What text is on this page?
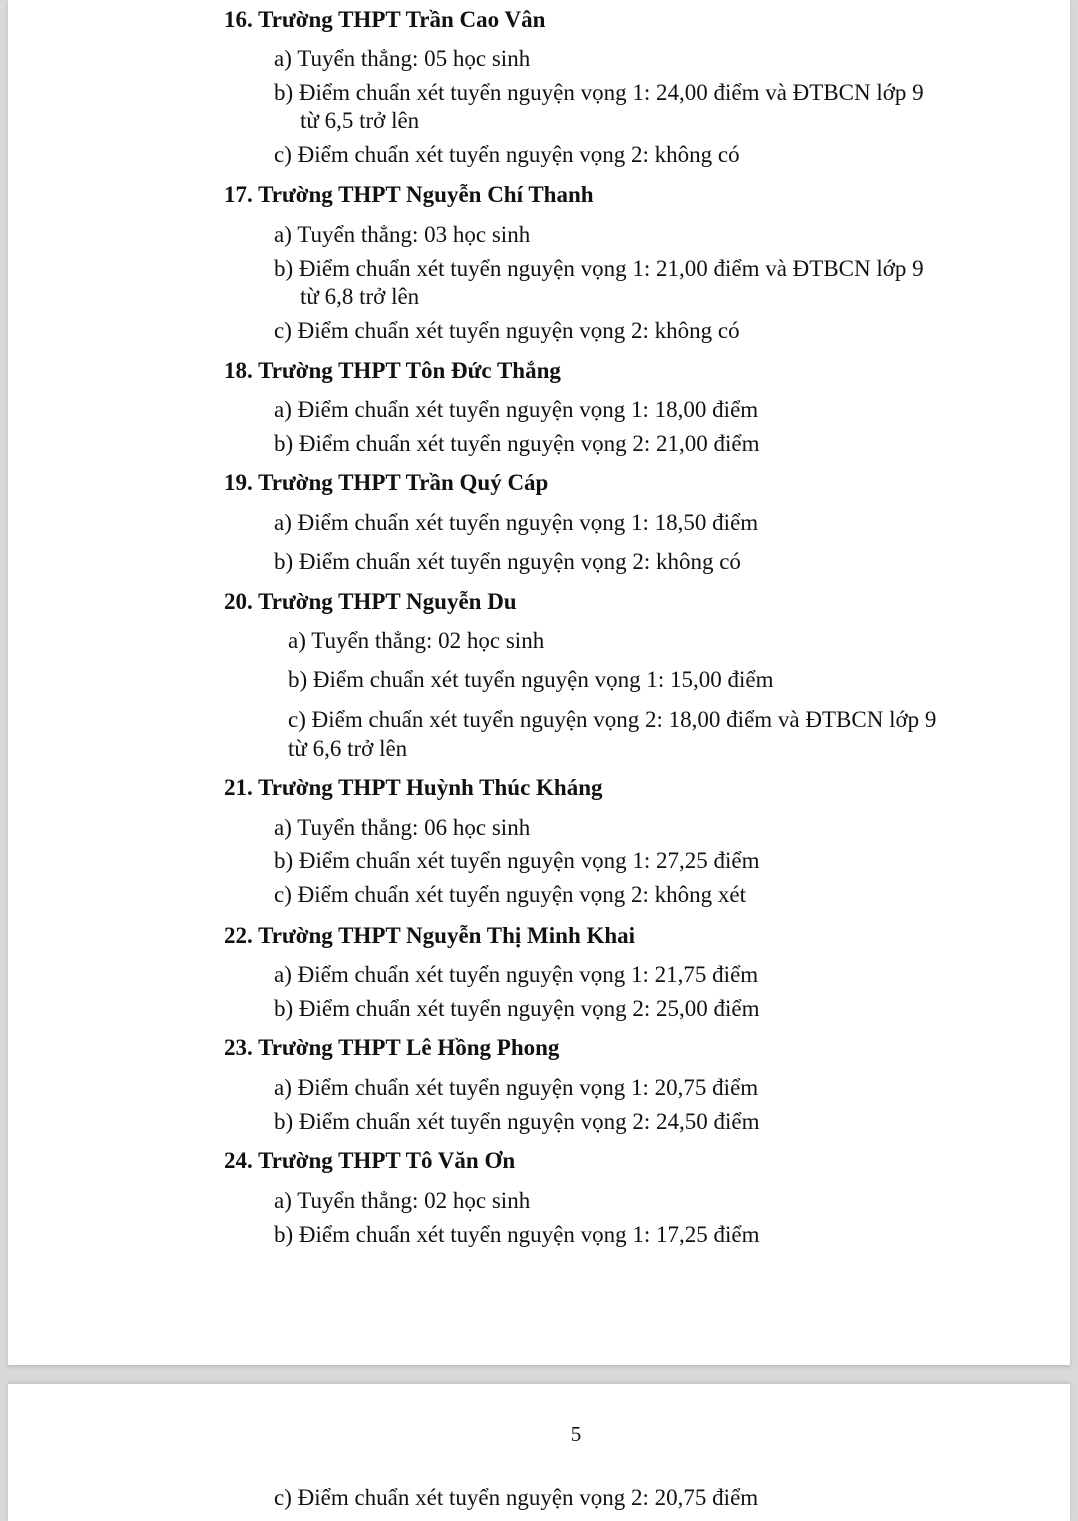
16. Trường THPT Trần Cao Vân
a) Tuyển thẳng: 05 học sinh
b) Điểm chuẩn xét tuyển nguyện vọng 1: 24,00 điểm và ĐTBCN lớp 9
từ 6,5 trở lên
c) Điểm chuẩn xét tuyển nguyện vọng 2: không có
17. Trường THPT Nguyễn Chí Thanh
a) Tuyển thẳng: 03 học sinh
b) Điểm chuẩn xét tuyển nguyện vọng 1: 21,00 điểm và ĐTBCN lớp 9
từ 6,8 trở lên
c) Điểm chuẩn xét tuyển nguyện vọng 2: không có
18. Trường THPT Tôn Đức Thắng
a) Điểm chuẩn xét tuyển nguyện vọng 1: 18,00 điểm
b) Điểm chuẩn xét tuyển nguyện vọng 2: 21,00 điểm
19. Trường THPT Trần Quý Cáp
a) Điểm chuẩn xét tuyển nguyện vọng 1: 18,50 điểm
b) Điểm chuẩn xét tuyển nguyện vọng 2: không có
20. Trường THPT Nguyễn Du
a) Tuyển thẳng: 02 học sinh
b) Điểm chuẩn xét tuyển nguyện vọng 1: 15,00 điểm
c) Điểm chuẩn xét tuyển nguyện vọng 2: 18,00 điểm và ĐTBCN lớp 9
từ 6,6 trở lên
21. Trường THPT Huỳnh Thúc Kháng
a) Tuyển thẳng: 06 học sinh
b) Điểm chuẩn xét tuyển nguyện vọng 1: 27,25 điểm
c) Điểm chuẩn xét tuyển nguyện vọng 2: không xét
22. Trường THPT Nguyễn Thị Minh Khai
a) Điểm chuẩn xét tuyển nguyện vọng 1: 21,75 điểm
b) Điểm chuẩn xét tuyển nguyện vọng 2: 25,00 điểm
23. Trường THPT Lê Hồng Phong
a) Điểm chuẩn xét tuyển nguyện vọng 1: 20,75 điểm
b) Điểm chuẩn xét tuyển nguyện vọng 2: 24,50 điểm
24. Trường THPT Tô Văn Ơn
a) Tuyển thẳng: 02 học sinh
b) Điểm chuẩn xét tuyển nguyện vọng 1: 17,25 điểm
5
c) Điểm chuẩn xét tuyển nguyện vọng 2: 20,75 điểm
